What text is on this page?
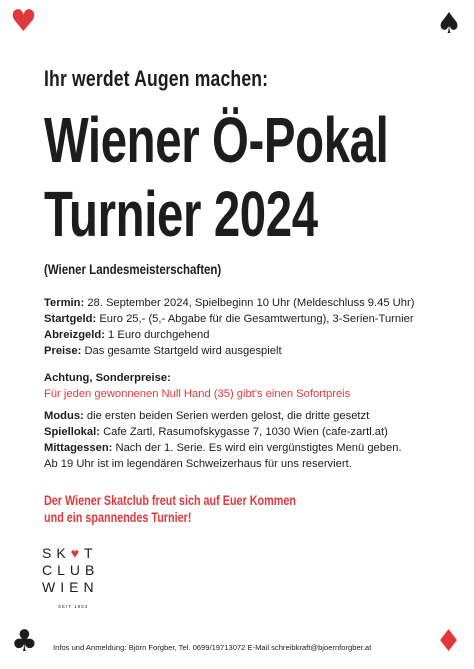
♥	♠
Ihr werdet Augen machen:
Wiener Ö-Pokal
Turnier 2024
(Wiener Landesmeisterschaften)

Termin: 28. September 2024, Spielbeginn 10 Uhr (Meldeschluss 9.45 Uhr)

Startgeld: Euro 25,- (5,- Abgabe für die Gesamtwertung), 3-Serien-Turnier

Abreizgeld: 1 Euro durchgehend

Preise: Das gesamte Startgeld wird ausgespielt

Achtung, Sonderpreise:

Für jeden gewonnenen Null Hand (35) gibt's einen Sofortpreis

Modus: die ersten beiden Serien werden gelost, die dritte gesetzt

Spiellokal: Cafe Zartl, Rasumofskygasse 7, 1030 Wien (cafe-zartl.at)

Mittagessen: Nach der 1. Serie. Es wird ein vergünstigtes Menü geben.

Ab 19 Uhr ist im legendären Schweizerhaus für uns reserviert.

Der Wiener Skatclub freut sich auf Euer Kommen
und ein spannendes Turnier!
SK♥T
CLUB
WIEN
SEIT 1993
♣ Infos und Anmeldung: Björn Forgber, Tel. 0699/19713072 E-Mail schreibkraft@bjoernforgber.at ♦
